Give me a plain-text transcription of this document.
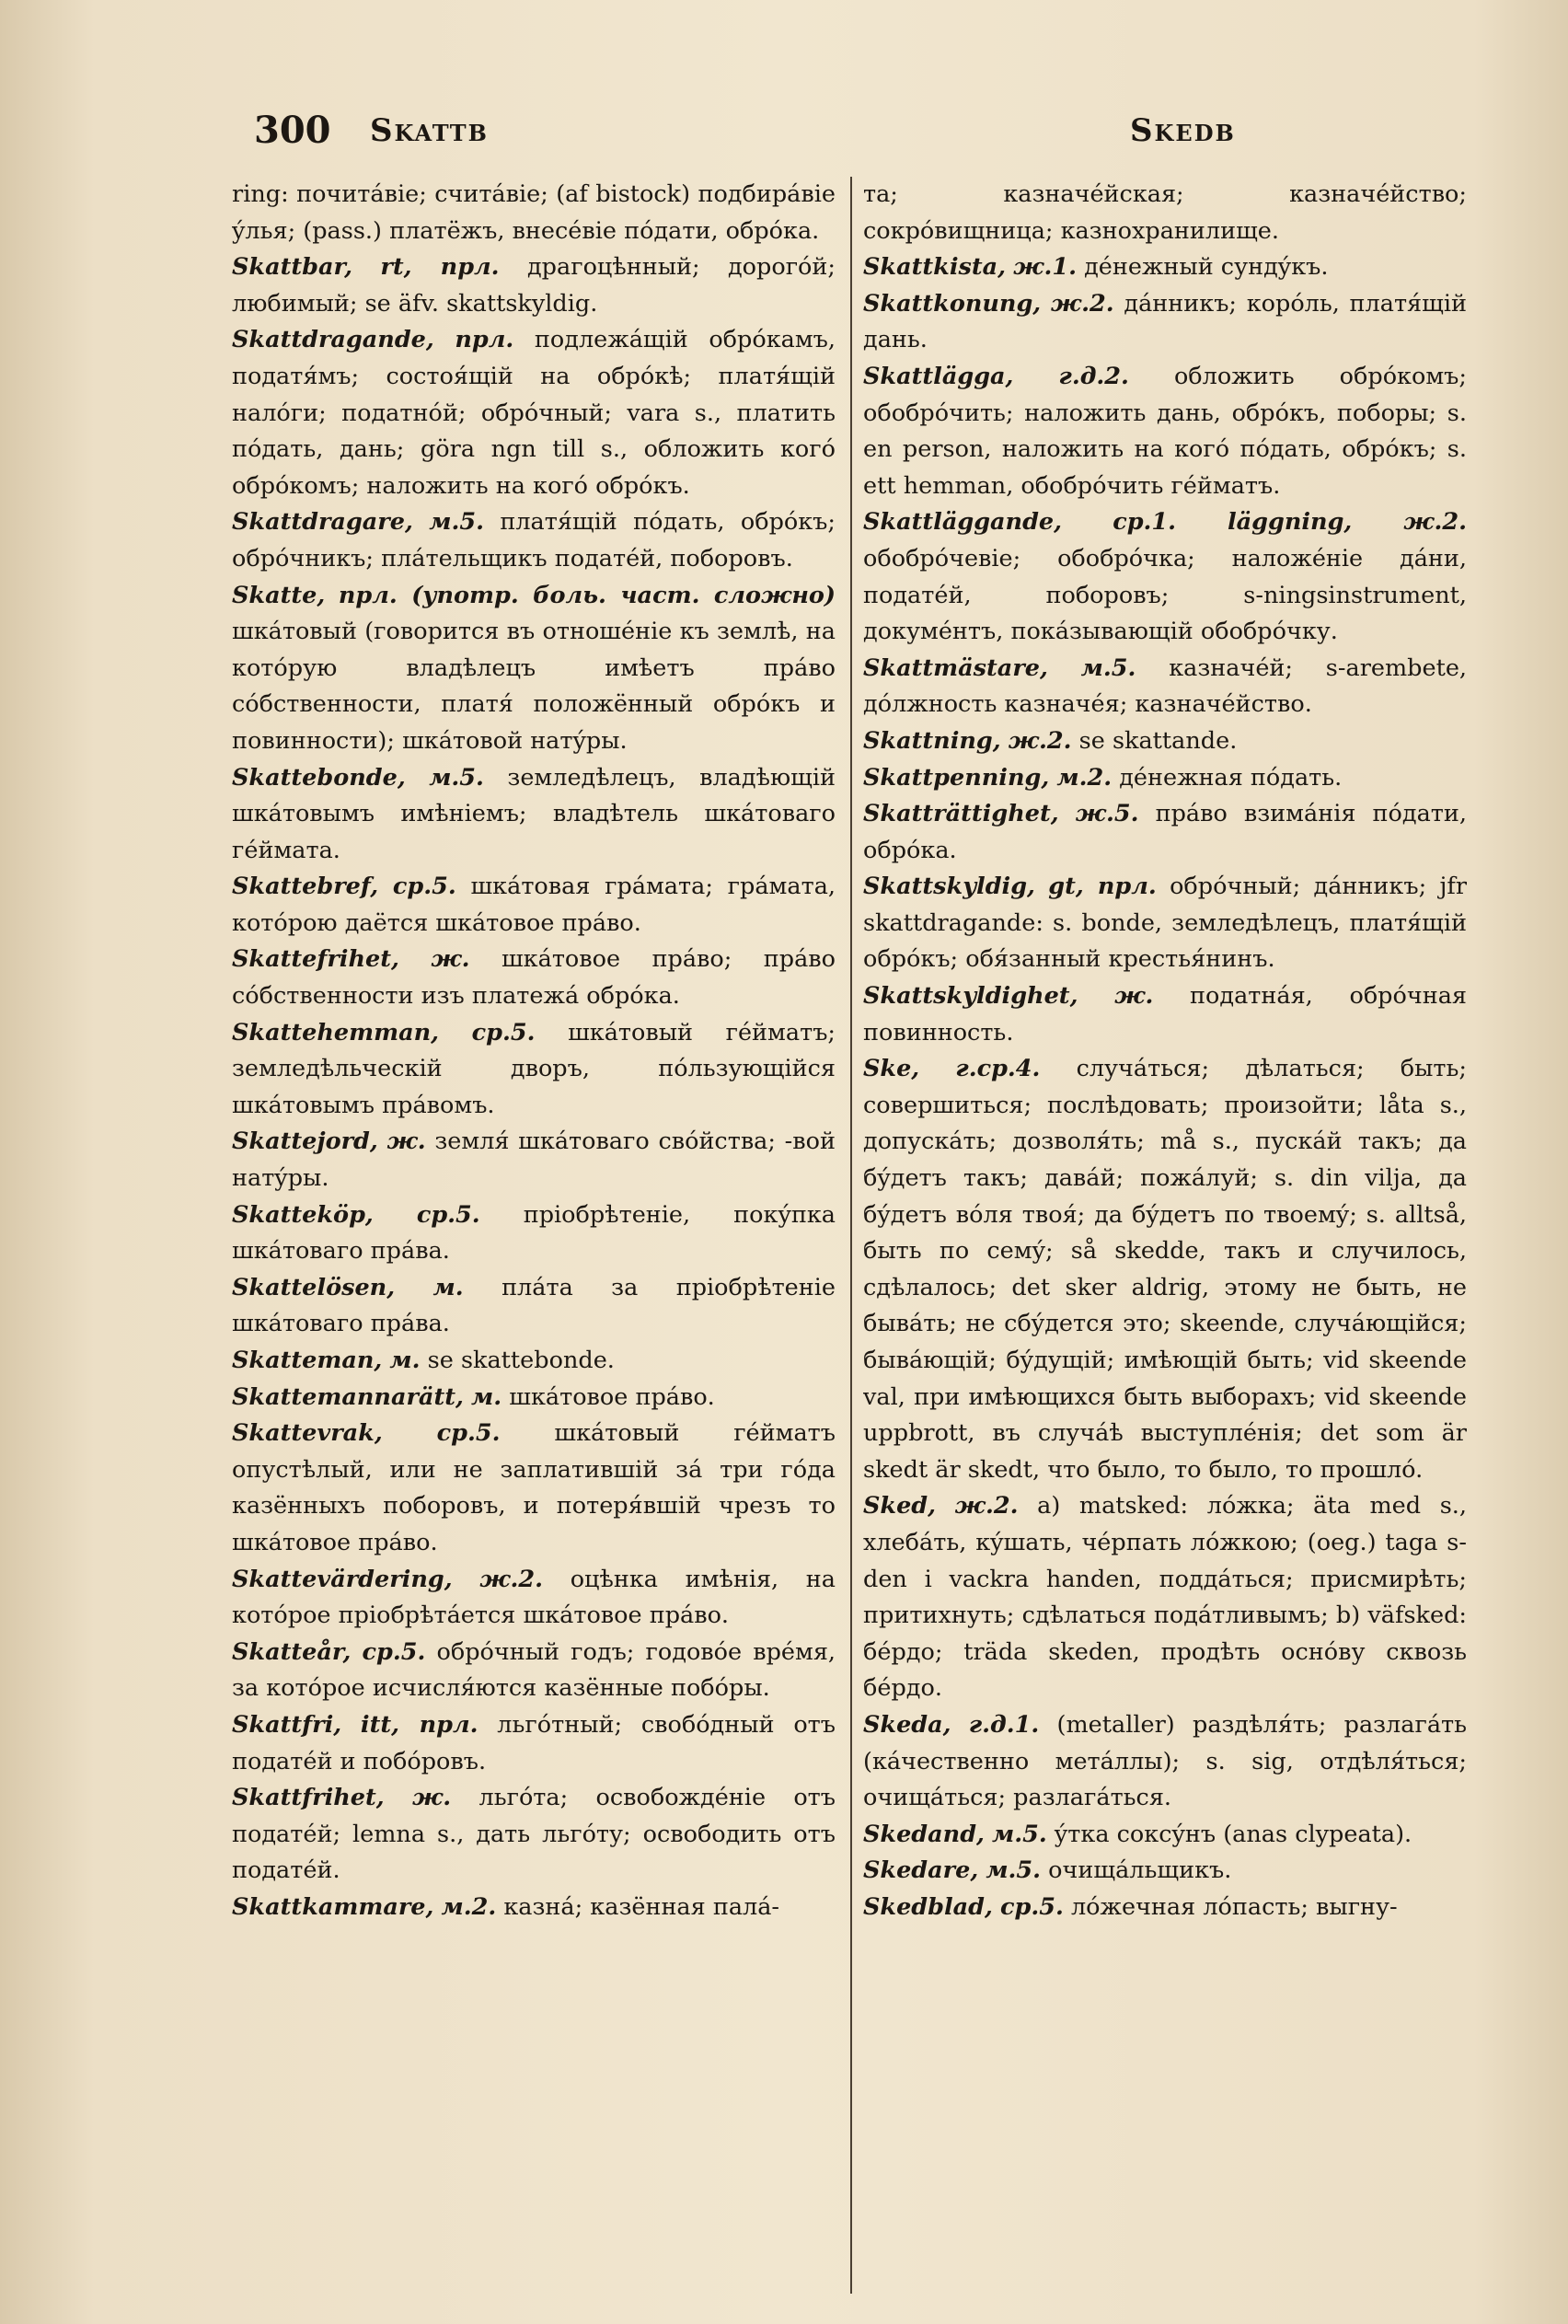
300 Skattb	Skedb

ring: почитáвіе; считáвіе; (af bistock) подбирáвіе ýлья; (pass.) платёжъ, внесéвіе пóдати, обрóка.

Skattbar, rt, прл. драгоцѣнный; дорогóй; любимый; se äfv. skattskyldig.

Skattdragande, прл. подлежáщій обрóкамъ, податя́мъ; состоя́щій на обрóкѣ; платя́щій налóги; податнóй; обрóчный; vara s., платить пóдать, дань; göra ngn till s., обложить когó обрóкомъ; наложить на когó обрóкъ.

Skattdragare, м.5. платя́щій пóдать, обрóкъ; обрóчникъ; плáтельщикъ податéй, поборовъ.

Skatte, прл. (употр. боль. част. сложно) шкáтовый (говорится въ отношéніе къ землѣ, на котóрую владѣлецъ имѣетъ прáво сóбственности, платя́ положённый обрóкъ и повинности); шкáтовой натýры.

Skattebonde, м.5. земледѣлецъ, владѣющій шкáтовымъ имѣніемъ; владѣтель шкáтоваго гéймата.

Skattebref, ср.5. шкáтовая грáмата; грáмата, котóрою даётся шкáтовое прáво.

Skattefrihet, ж. шкáтовое прáво; прáво сóбственности изъ платежá обрóка.

Skattehemman, ср.5. шкáтовый гéйматъ; земледѣльческій дворъ, пóльзующійся шкáтовымъ прáвомъ.

Skattejord, ж. земля́ шкáтоваго свóйства; -вой натýры.

Skatteköp, ср.5. пріобрѣтеніе, покýпка шкáтоваго прáва.

Skattelösen, м. плáта за пріобрѣтеніе шкáтоваго прáва.

Skatteman, м. se skattebonde.

Skattemannarätt, м. шкáтовое прáво.

Skattevrak, ср.5. шкáтовый гéйматъ опустѣлый, или не заплатившій зá три гóда казённыхъ поборовъ, и потеря́вшій чрезъ то шкáтовое прáво.

Skattevärdering, ж.2. оцѣнка имѣнія, на котóрое пріобрѣтáется шкáтовое прáво.

Skatteår, ср.5. обрóчный годъ; годовóе врéмя, за котóрое исчисля́ются казённые побóры.

Skattfri, itt, прл. льгóтный; свобóдный отъ податéй и побóровъ.

Skattfrihet, ж. льгóта; освобождéніе отъ податéй; lemna s., дать льгóту; освободить отъ податéй.

Skattkammare, м.2. казнá; казённая палá-

та; казначéйская; казначéйство; сокрóвищница; казнохранилище.

Skattkista, ж.1. дéнежный сундýкъ.

Skattkonung, ж.2. дáнникъ; корóль, платя́щій дань.

Skattlägga, г.д.2. обложить обрóкомъ; обобрóчить; наложить дань, обрóкъ, поборы; s. en person, наложить на когó пóдать, обрóкъ; s. ett hemman, обобрóчить гéйматъ.

Skattläggande, ср.1. läggning, ж.2. обобрóчевіе; обобрóчка; наложéніе дáни, податéй, поборовъ; s-ningsinstrument, докумéнтъ, покáзывающій обобрóчку.

Skattmästare, м.5. казначéй; s-arembete, дóлжность казначéя; казначéйство.

Skattning, ж.2. se skattande.

Skattpenning, м.2. дéнежная пóдать.

Skatträttighet, ж.5. прáво взимáнія пóдати, обрóка.

Skattskyldig, gt, прл. обрóчный; дáнникъ; jfr skattdragande: s. bonde, земледѣлецъ, платя́щій обрóкъ; обя́занный крестья́нинъ.

Skattskyldighet, ж. податнáя, обрóчная повинность.

Ske, г.ср.4. случáться; дѣлаться; быть; совершиться; послѣдовать; произойти; låta s., допускáть; дозволя́ть; må s., пускáй такъ; да бýдетъ такъ; давáй; пожáлуй; s. din vilja, да бýдетъ вóля твоя́; да бýдетъ по твоемý; s. alltså, быть по семý; så skedde, такъ и случилось, сдѣлалось; det sker aldrig, этому не быть, не бывáть; не сбýдется это; skeende, случáющійся; бывáющій; бýдущій; имѣющій быть; vid skeende val, при имѣющихся быть выборахъ; vid skeende uppbrott, въ случáѣ выступлéнія; det som är skedt är skedt, что было, то было, то прошлó.

Sked, ж.2. a) matsked: лóжка; äta med s., хлебáть, кýшать, чéрпать лóжкою; (oeg.) taga s-den i vackra handen, поддáться; присмирѣть; притихнуть; сдѣлаться подáтливымъ; b) väfsked: бéрдо; träda skeden, продѣть оснóву сквозь бéрдо.

Skeda, г.д.1. (metaller) раздѣля́ть; разлагáть (кáчественно метáллы); s. sig, отдѣля́ться; очищáться; разлагáться.

Skedand, м.5. ýтка соксýнъ (anas clypeata).

Skedare, м.5. очищáльщикъ.

Skedblad, ср.5. лóжечная лóпасть; выгну-
